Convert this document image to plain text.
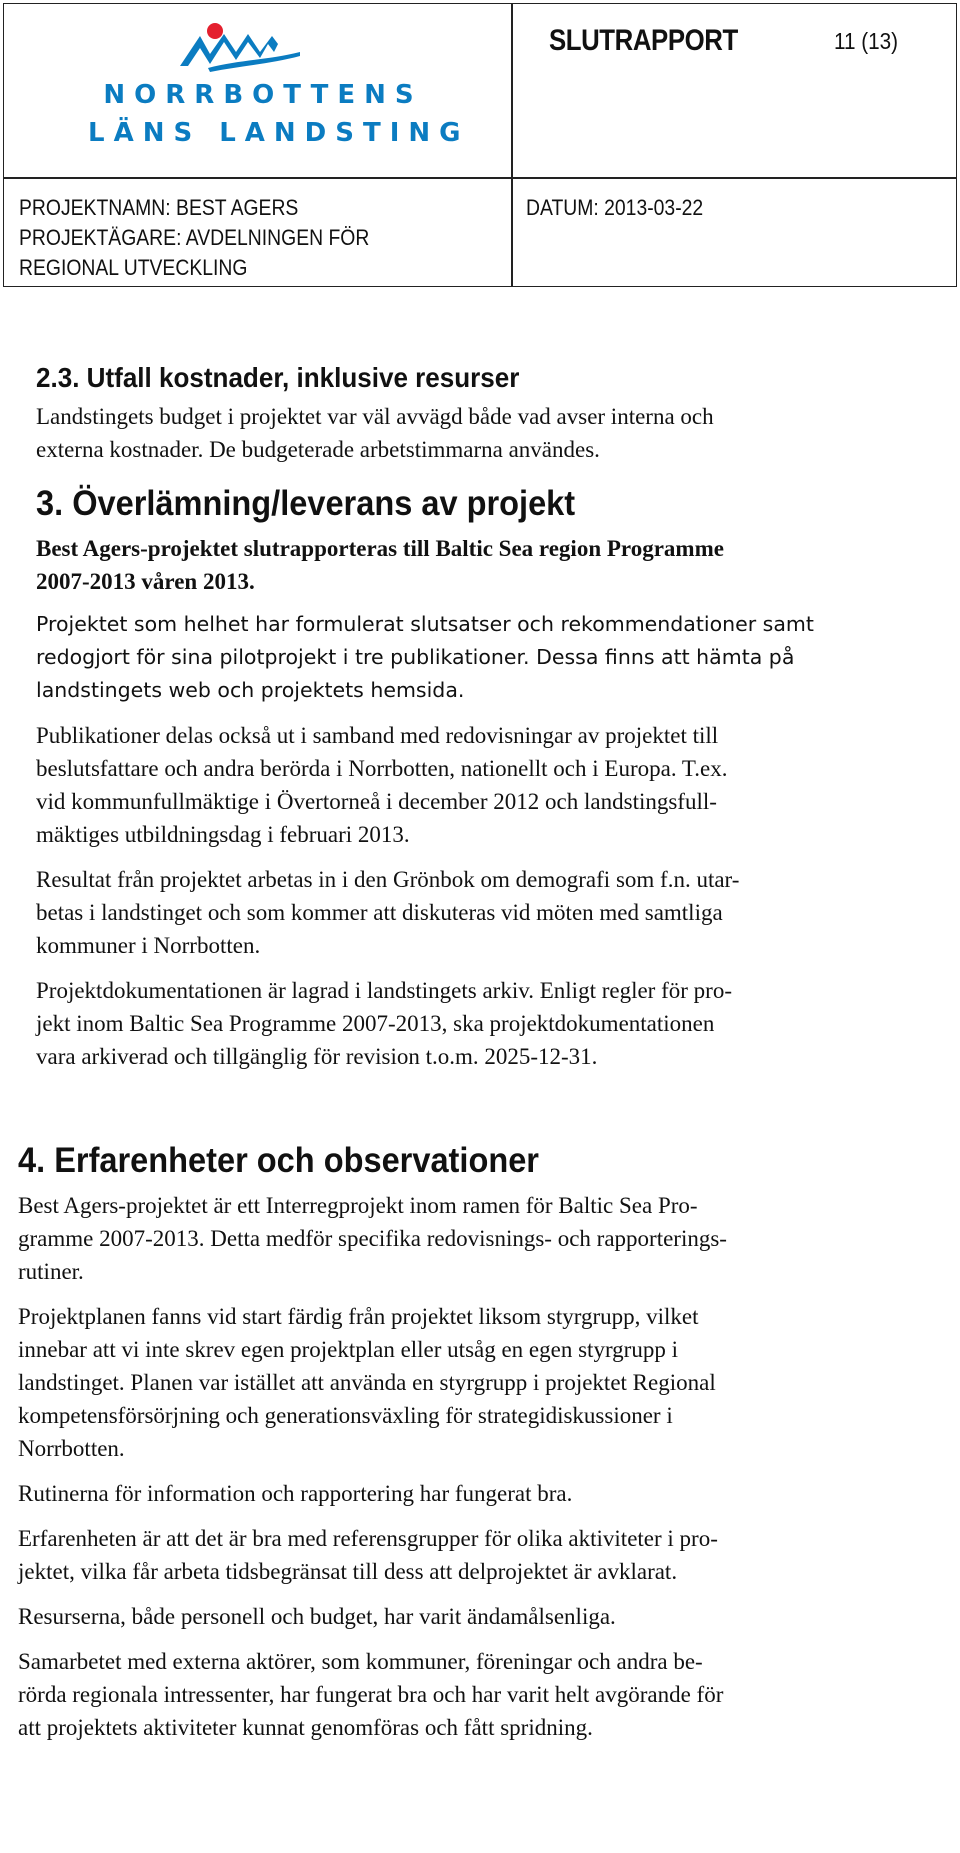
NORRBOTTENS
LÄNS LANDSTING
SLUTRAPPORT	11 (13)
PROJEKTNAMN: BEST AGERS
PROJEKTÄGARE: AVDELNINGEN FÖR
REGIONAL UTVECKLING
DATUM: 2013-03-22
2.3. Utfall kostnader, inklusive resurser
Landstingets budget i projektet var väl avvägd både vad avser interna och
externa kostnader. De budgeterade arbetstimmarna användes.
3. Överlämning/leverans av projekt
Best Agers-projektet slutrapporteras till Baltic Sea region Programme
2007-2013 våren 2013.
Projektet som helhet har formulerat slutsatser och rekommendationer samt
redogjort för sina pilotprojekt i tre publikationer. Dessa finns att hämta på
landstingets web och projektets hemsida.
Publikationer delas också ut i samband med redovisningar av projektet till
beslutsfattare och andra berörda i Norrbotten, nationellt och i Europa. T.ex.
vid kommunfullmäktige i Övertorneå i december 2012 och landstingsfull-
mäktiges utbildningsdag i februari 2013.
Resultat från projektet arbetas in i den Grönbok om demografi som f.n. utar-
betas i landstinget och som kommer att diskuteras vid möten med samtliga
kommuner i Norrbotten.
Projektdokumentationen är lagrad i landstingets arkiv. Enligt regler för pro-
jekt inom Baltic Sea Programme 2007-2013, ska projektdokumentationen
vara arkiverad och tillgänglig för revision t.o.m. 2025-12-31.
4. Erfarenheter och observationer
Best Agers-projektet är ett Interregprojekt inom ramen för Baltic Sea Pro-
gramme 2007-2013. Detta medför specifika redovisnings- och rapporterings-
rutiner.
Projektplanen fanns vid start färdig från projektet liksom styrgrupp, vilket
innebar att vi inte skrev egen projektplan eller utsåg en egen styrgrupp i
landstinget. Planen var istället att använda en styrgrupp i projektet Regional
kompetensförsörjning och generationsväxling för strategidiskussioner i
Norrbotten.
Rutinerna för information och rapportering har fungerat bra.
Erfarenheten är att det är bra med referensgrupper för olika aktiviteter i pro-
jektet, vilka får arbeta tidsbegränsat till dess att delprojektet är avklarat.
Resurserna, både personell och budget, har varit ändamålsenliga.
Samarbetet med externa aktörer, som kommuner, föreningar och andra be-
rörda regionala intressenter, har fungerat bra och har varit helt avgörande för
att projektets aktiviteter kunnat genomföras och fått spridning.
